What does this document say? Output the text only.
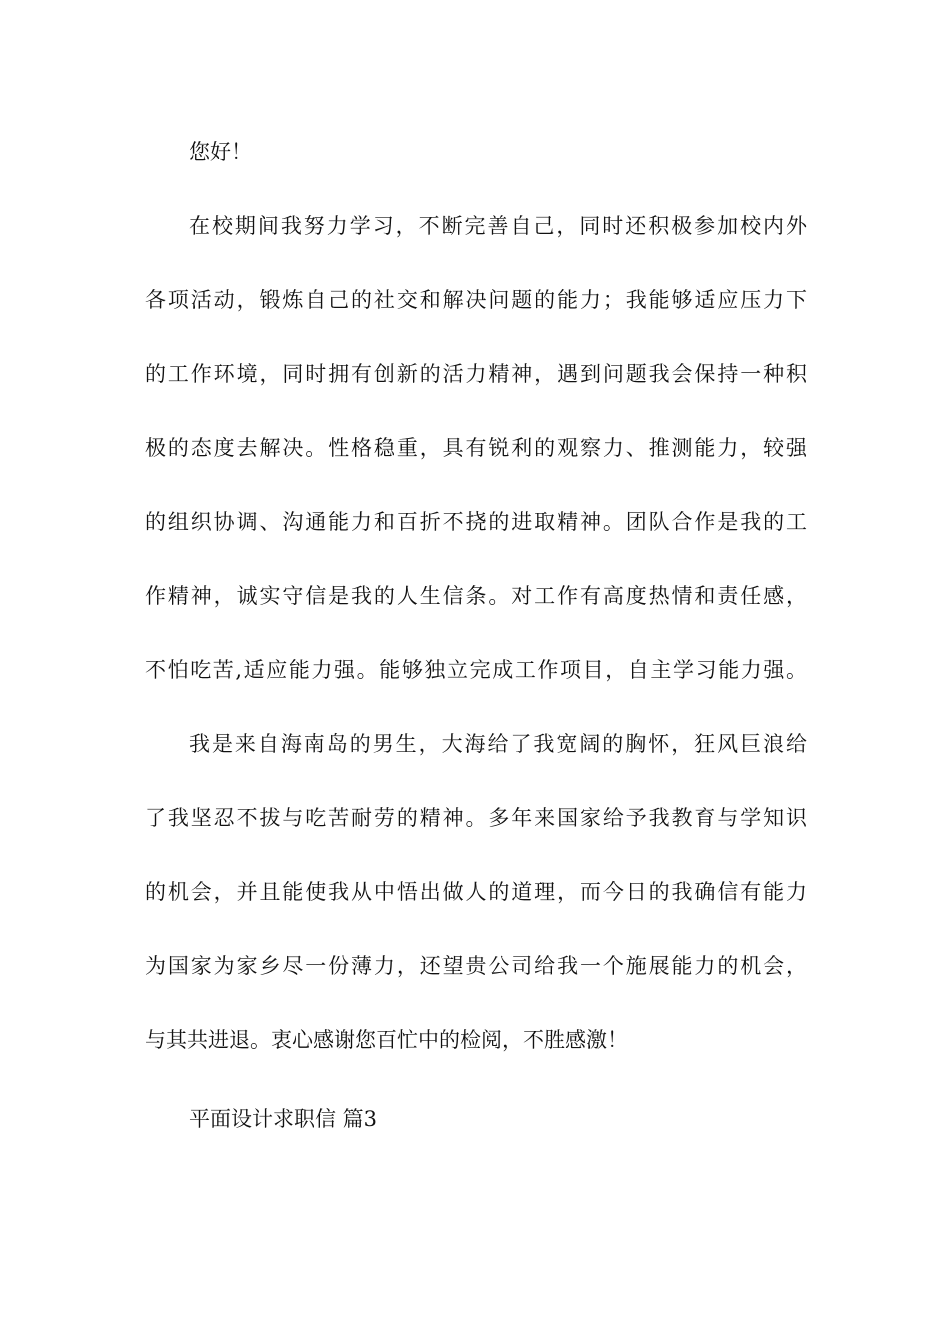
您好！
在校期间我努力学习，不断完善自己，同时还积极参加校内外
各项活动，锻炼自己的社交和解决问题的能力；我能够适应压力下
的工作环境，同时拥有创新的活力精神，遇到问题我会保持一种积
极的态度去解决。性格稳重，具有锐利的观察力、推测能力，较强
的组织协调、沟通能力和百折不挠的进取精神。团队合作是我的工
作精神，诚实守信是我的人生信条。对工作有高度热情和责任感，
不怕吃苦,适应能力强。能够独立完成工作项目，自主学习能力强。
我是来自海南岛的男生，大海给了我宽阔的胸怀，狂风巨浪给
了我坚忍不拔与吃苦耐劳的精神。多年来国家给予我教育与学知识
的机会，并且能使我从中悟出做人的道理，而今日的我确信有能力
为国家为家乡尽一份薄力，还望贵公司给我一个施展能力的机会，
与其共进退。衷心感谢您百忙中的检阅，不胜感激！
平面设计求职信 篇3
